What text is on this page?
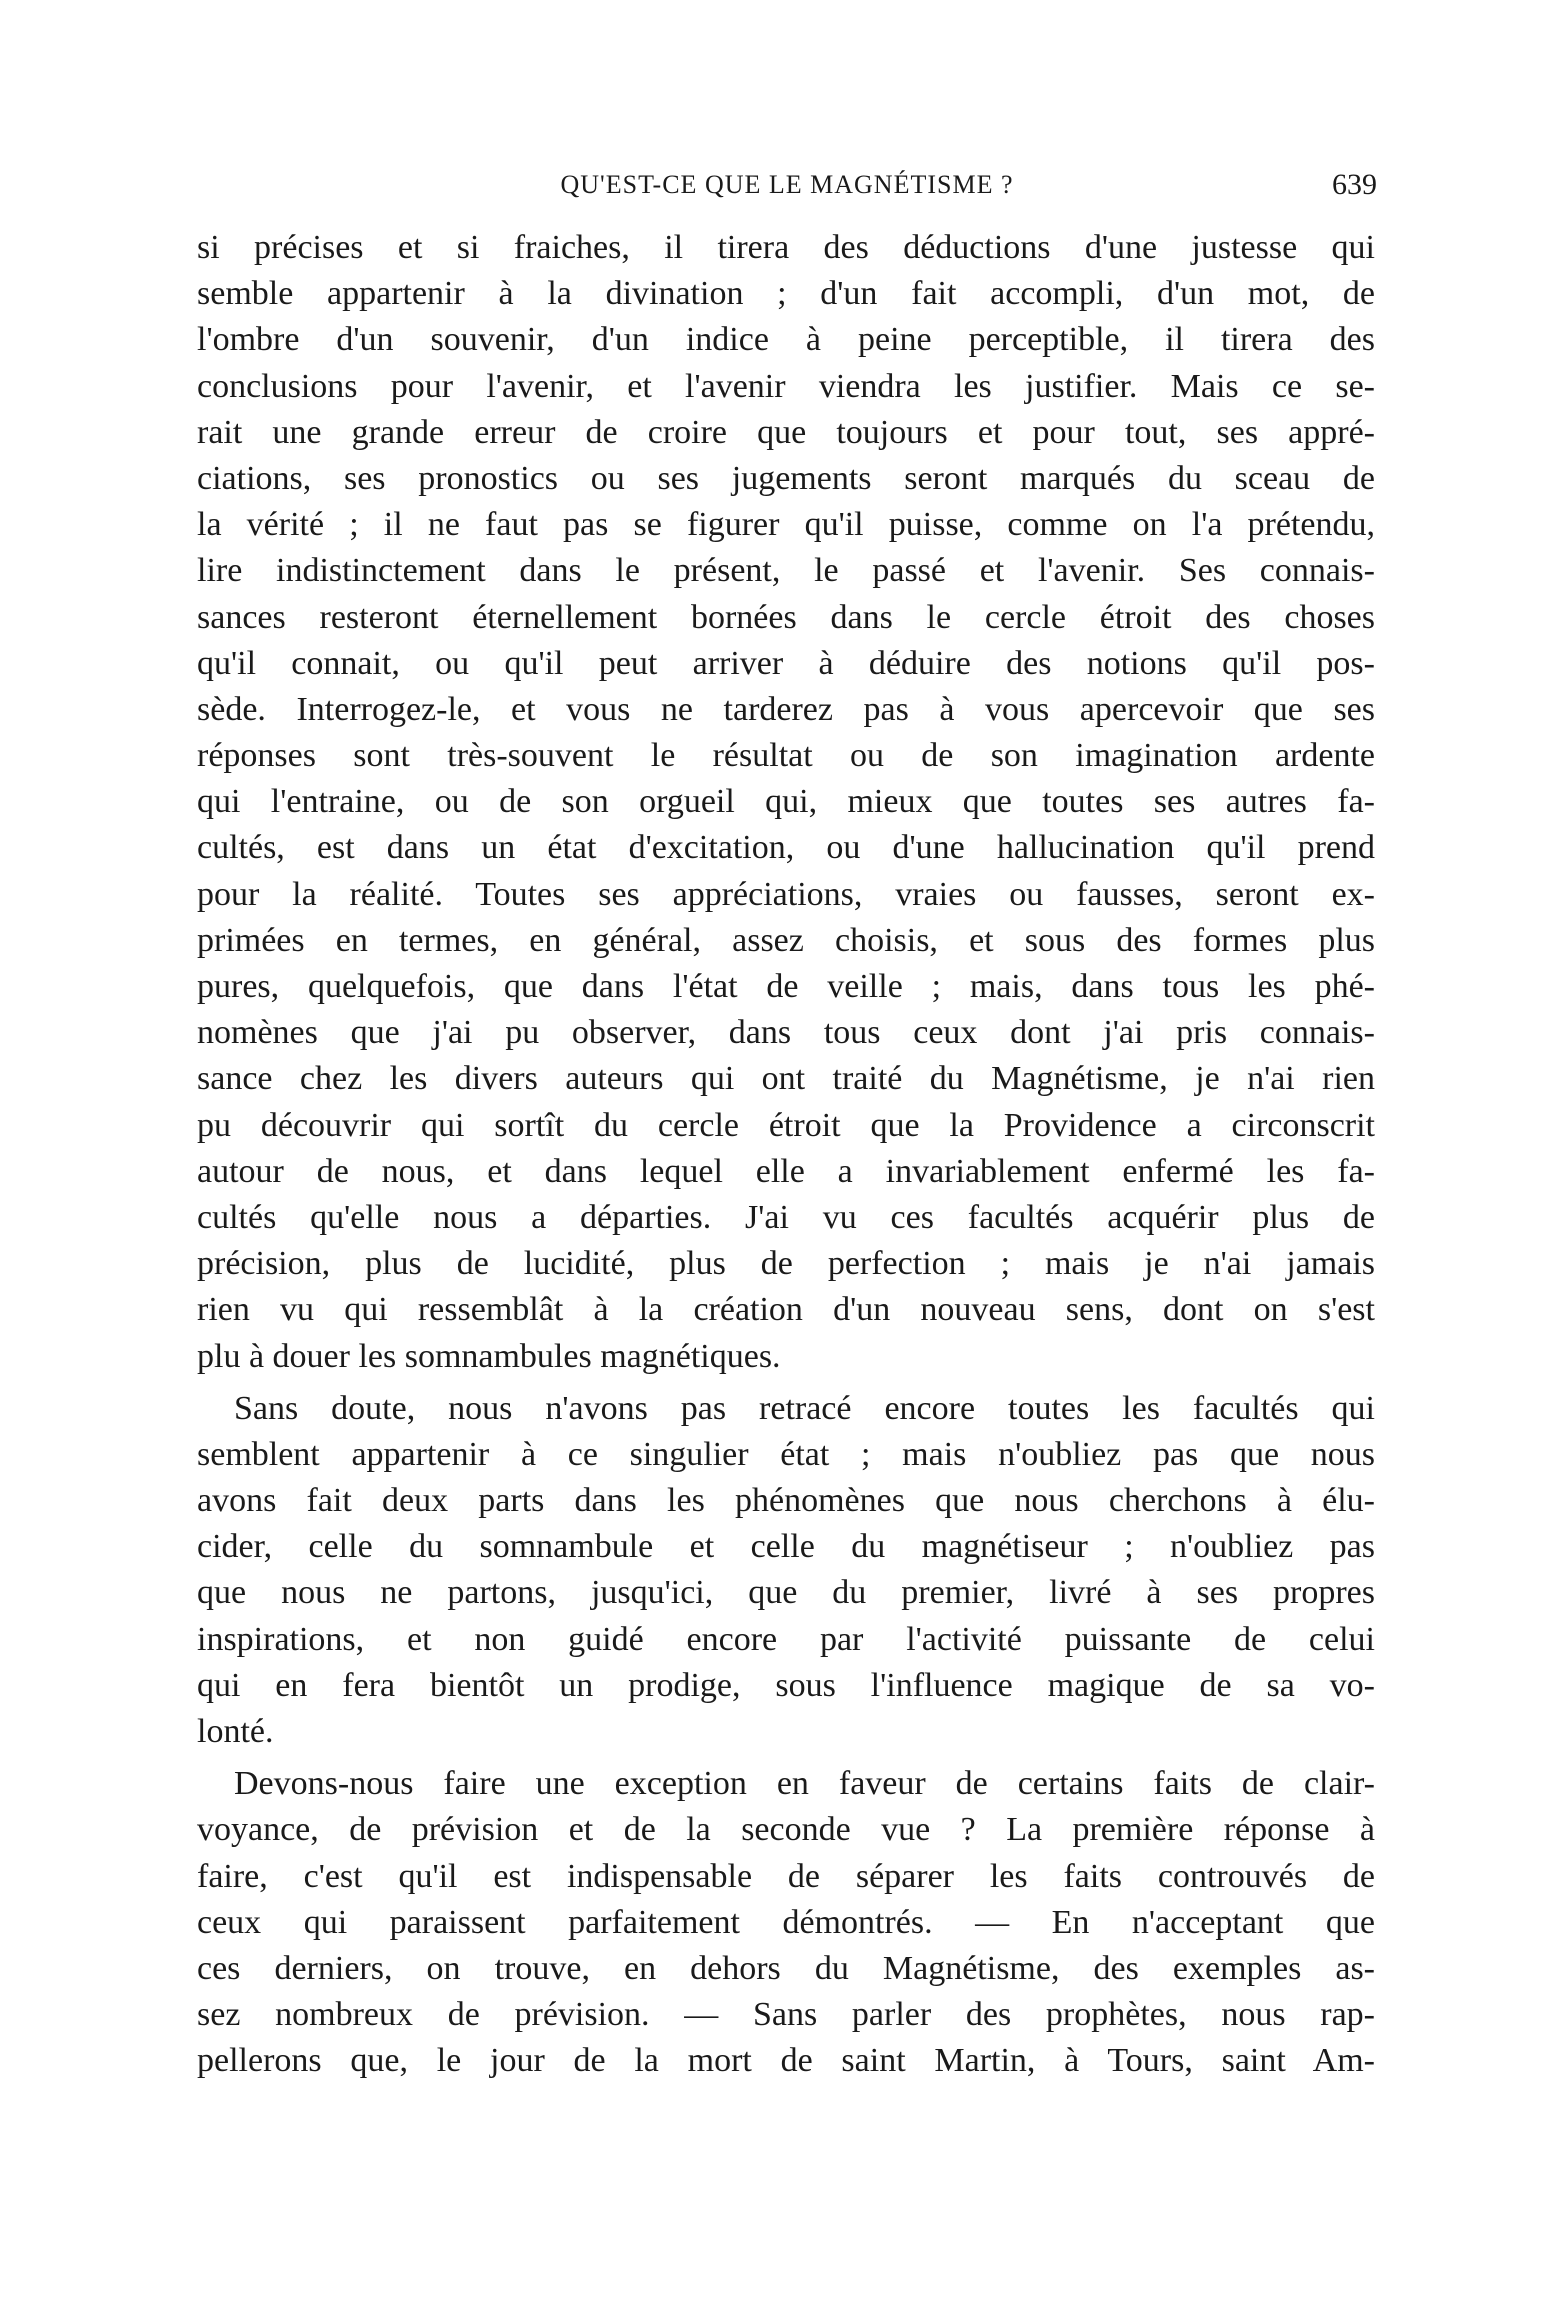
QU'EST-CE QUE LE MAGNÉTISME ?	639
si précises et si fraiches, il tirera des déductions d'une justesse qui
semble appartenir à la divination ; d'un fait accompli, d'un mot, de
l'ombre d'un souvenir, d'un indice à peine perceptible, il tirera des
conclusions pour l'avenir, et l'avenir viendra les justifier. Mais ce se-
rait une grande erreur de croire que toujours et pour tout, ses appré-
ciations, ses pronostics ou ses jugements seront marqués du sceau de
la vérité ; il ne faut pas se figurer qu'il puisse, comme on l'a prétendu,
lire indistinctement dans le présent, le passé et l'avenir. Ses connais-
sances resteront éternellement bornées dans le cercle étroit des choses
qu'il connait, ou qu'il peut arriver à déduire des notions qu'il pos-
sède. Interrogez-le, et vous ne tarderez pas à vous apercevoir que ses
réponses sont très-souvent le résultat ou de son imagination ardente
qui l'entraine, ou de son orgueil qui, mieux que toutes ses autres fa-
cultés, est dans un état d'excitation, ou d'une hallucination qu'il prend
pour la réalité. Toutes ses appréciations, vraies ou fausses, seront ex-
primées en termes, en général, assez choisis, et sous des formes plus
pures, quelquefois, que dans l'état de veille ; mais, dans tous les phé-
nomènes que j'ai pu observer, dans tous ceux dont j'ai pris connais-
sance chez les divers auteurs qui ont traité du Magnétisme, je n'ai rien
pu découvrir qui sortît du cercle étroit que la Providence a circonscrit
autour de nous, et dans lequel elle a invariablement enfermé les fa-
cultés qu'elle nous a départies. J'ai vu ces facultés acquérir plus de
précision, plus de lucidité, plus de perfection ; mais je n'ai jamais
rien vu qui ressemblât à la création d'un nouveau sens, dont on s'est
plu à douer les somnambules magnétiques.
Sans doute, nous n'avons pas retracé encore toutes les facultés qui
semblent appartenir à ce singulier état ; mais n'oubliez pas que nous
avons fait deux parts dans les phénomènes que nous cherchons à élu-
cider, celle du somnambule et celle du magnétiseur ; n'oubliez pas
que nous ne partons, jusqu'ici, que du premier, livré à ses propres
inspirations, et non guidé encore par l'activité puissante de celui
qui en fera bientôt un prodige, sous l'influence magique de sa vo-
lonté.
Devons-nous faire une exception en faveur de certains faits de clair-
voyance, de prévision et de la seconde vue ? La première réponse à
faire, c'est qu'il est indispensable de séparer les faits controuvés de
ceux qui paraissent parfaitement démontrés. — En n'acceptant que
ces derniers, on trouve, en dehors du Magnétisme, des exemples as-
sez nombreux de prévision. — Sans parler des prophètes, nous rap-
pellerons que, le jour de la mort de saint Martin, à Tours, saint Am-
